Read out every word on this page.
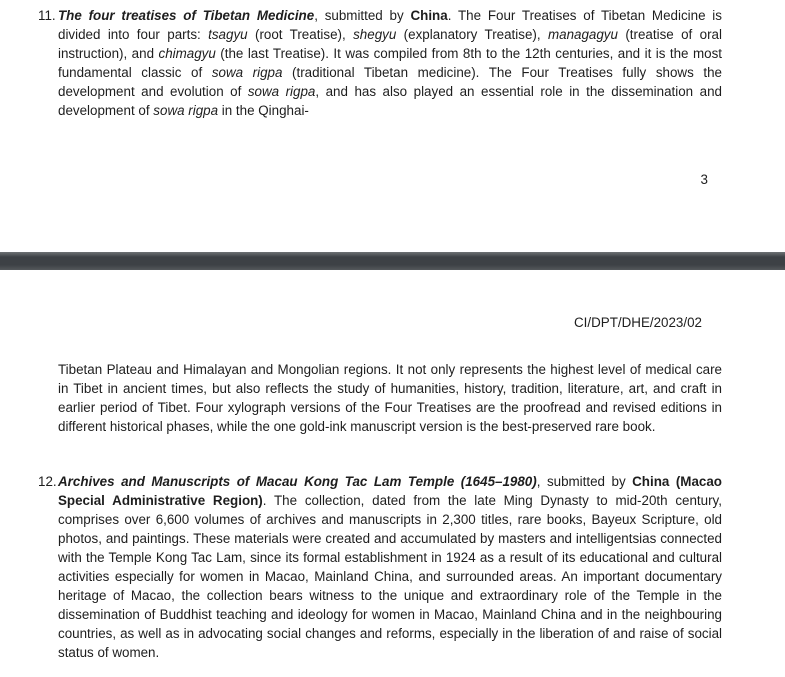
11. The four treatises of Tibetan Medicine, submitted by China. The Four Treatises of Tibetan Medicine is divided into four parts: tsagyu (root Treatise), shegyu (explanatory Treatise), managagyu (treatise of oral instruction), and chimagyu (the last Treatise). It was compiled from 8th to the 12th centuries, and it is the most fundamental classic of sowa rigpa (traditional Tibetan medicine). The Four Treatises fully shows the development and evolution of sowa rigpa, and has also played an essential role in the dissemination and development of sowa rigpa in the Qinghai-

3
CI/DPT/DHE/2023/02

Tibetan Plateau and Himalayan and Mongolian regions. It not only represents the highest level of medical care in Tibet in ancient times, but also reflects the study of humanities, history, tradition, literature, art, and craft in earlier period of Tibet. Four xylograph versions of the Four Treatises are the proofread and revised editions in different historical phases, while the one gold-ink manuscript version is the best-preserved rare book.

12. Archives and Manuscripts of Macau Kong Tac Lam Temple (1645–1980), submitted by China (Macao Special Administrative Region). The collection, dated from the late Ming Dynasty to mid-20th century, comprises over 6,600 volumes of archives and manuscripts in 2,300 titles, rare books, Bayeux Scripture, old photos, and paintings. These materials were created and accumulated by masters and intelligentsias connected with the Temple Kong Tac Lam, since its formal establishment in 1924 as a result of its educational and cultural activities especially for women in Macao, Mainland China, and surrounded areas. An important documentary heritage of Macao, the collection bears witness to the unique and extraordinary role of the Temple in the dissemination of Buddhist teaching and ideology for women in Macao, Mainland China and in the neighbouring countries, as well as in advocating social changes and reforms, especially in the liberation of and raise of social status of women.
